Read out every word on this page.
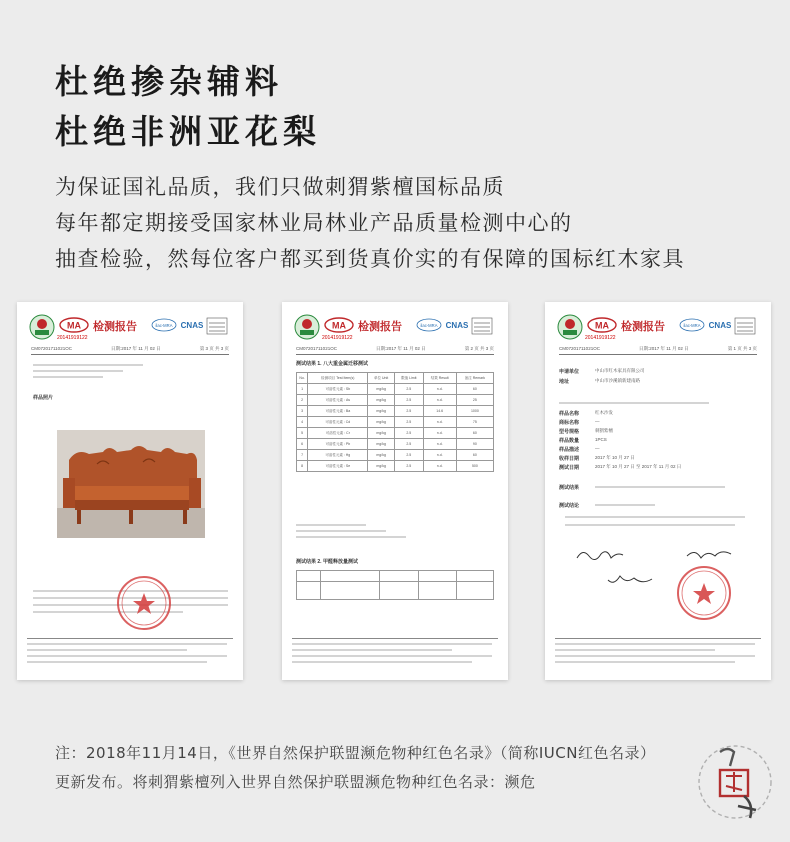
杜绝掺杂辅料
杜绝非洲亚花梨
为保证国礼品质，我们只做刺猬紫檀国标品质
每年都定期接受国家林业局林业产品质量检测中心的
抽查检验，然每位客户都买到货真价实的有保障的国标红木家具
MA
20141919122
检测报告	ilac-MRA CNAS
CM07201711021OC	日期:2017 年 11 月 02 日	第 3 页 共 3 页
样品照片
MA
20141919122
检测报告	ilac-MRA CNAS
CM07201711021OC	日期:2017 年 11 月 02 日	第 2 页 共 3 页
测试结果 1. 八大重金属迁移测试
No.	检测项目 Test Item(s)	单位 Unit	限值 Limit	结果 Result	备注 Remark
1	可溶性元素 : Sb	mg/kg	2.5	n.d.	60
2	可溶性元素 : As	mg/kg	2.5	n.d.	25
3	可溶性元素 : Ba	mg/kg	2.5	14.6	1000
4	可溶性元素 : Cd	mg/kg	2.5	n.d.	75
5	可溶性元素 : Cr	mg/kg	2.5	n.d.	60
6	可溶性元素 : Pb	mg/kg	2.5	n.d.	90
7	可溶性元素 : Hg	mg/kg	2.5	n.d.	60
8	可溶性元素 : Se	mg/kg	2.5	n.d.	500
测试结果 2. 甲醛释放量测试

MA
20141919122
检测报告	ilac-MRA CNAS
CM07201711021OC	日期:2017 年 11 月 02 日	第 1 页 共 3 页
申请单位	中山市红木家具有限公司
地址	中山市沙溪镇新建南路
测试结果
测试结论
样品名称	红木沙发
商标名称	—
型号规格	刺猬紫檀
样品数量	1PCS
样品描述	—
收样日期	2017 年 10 月 27 日
测试日期	2017 年 10 月 27 日 至 2017 年 11 月 02 日
注：2018年11月14日，《世界自然保护联盟濒危物种红色名录》（简称IUCN红色名录）
更新发布。将刺猬紫檀列入世界自然保护联盟濒危物种红色名录：濒危
